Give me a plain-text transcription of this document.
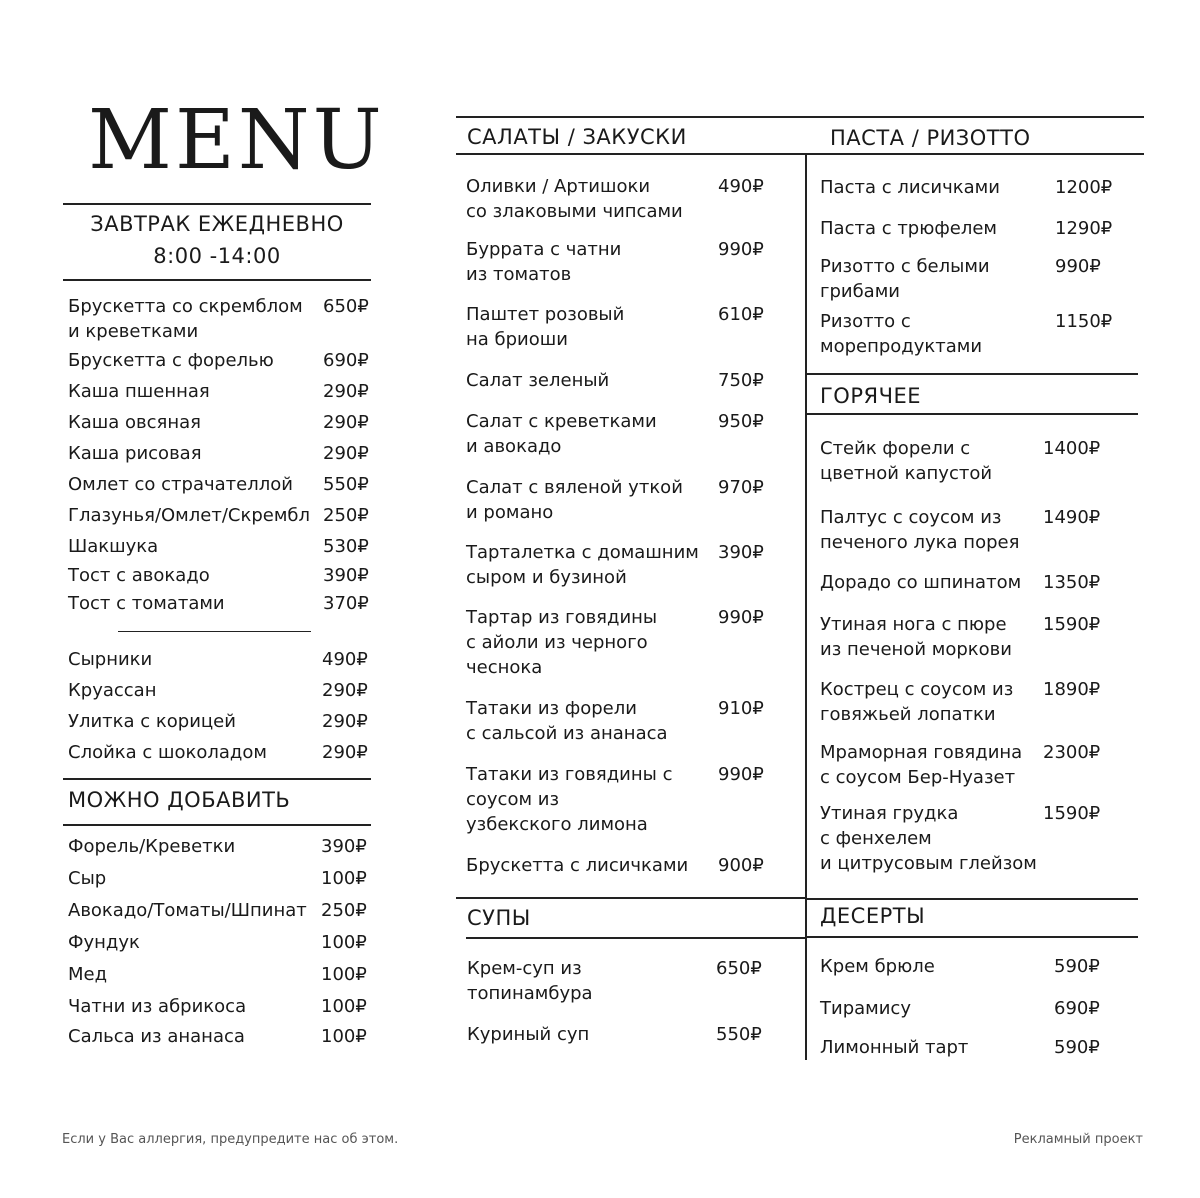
MENU
ЗАВТРАК ЕЖЕДНЕВНО
8:00 -14:00
Брускетта со скремблом
и креветками
650₽
Брускетта с форелью	690₽
Каша пшенная	290₽
Каша овсяная	290₽
Каша рисовая	290₽
Омлет со страчателлой 550₽
Глазунья/Омлет/Скрембл 250₽
Шакшука	530₽
Тост с авокадо	390₽
Тост с томатами	370₽
Сырники	490₽
Круассан	290₽
Улитка с корицей	290₽
Слойка с шоколадом	290₽
МОЖНО ДОБАВИТЬ
Форель/Креветки	390₽
Сыр	100₽
Авокадо/Томаты/Шпинат 250₽
Фундук	100₽
Мед	100₽
Чатни из абрикоса	100₽
Сальса из ананаса	100₽
САЛАТЫ / ЗАКУСКИ
Оливки / Артишоки
со злаковыми чипсами
490₽
Буррата с чатни
из томатов
990₽
Паштет розовый
на бриоши
610₽
Салат зеленый	750₽
Салат с креветками
и авокадо
950₽
Салат с вяленой уткой
и романо
970₽
Тарталетка с домашним
сыром и бузиной
390₽
Тартар из говядины
с айоли из черного
чеснока
990₽
Татаки из форели
с сальсой из ананаса
910₽
Татаки из говядины с
соусом из
узбекского лимона
990₽
Брускетта с лисичками 900₽
СУПЫ
Крем-суп из
топинамбура
650₽
Куриный суп	550₽
ПАСТА / РИЗОТТО
Паста с лисичками	1200₽
Паста с трюфелем	1290₽
Ризотто с белыми
грибами
990₽
Ризотто с
морепродуктами
1150₽
ГОРЯЧЕЕ
Стейк форели с
цветной капустой
1400₽
Палтус с соусом из
печеного лука порея
1490₽
Дорадо со шпинатом 1350₽
Утиная нога с пюре
из печеной моркови
1590₽
Кострец с соусом из
говяжьей лопатки
1890₽
Мраморная говядина
с соусом Бер-Нуазет
2300₽
Утиная грудка
с фенхелем
и цитрусовым глейзом
1590₽
ДЕСЕРТЫ
Крем брюле	590₽
Тирамису	690₽
Лимонный тарт	590₽
Если у Вас аллергия, предупредите нас об этом.	Рекламный проект
